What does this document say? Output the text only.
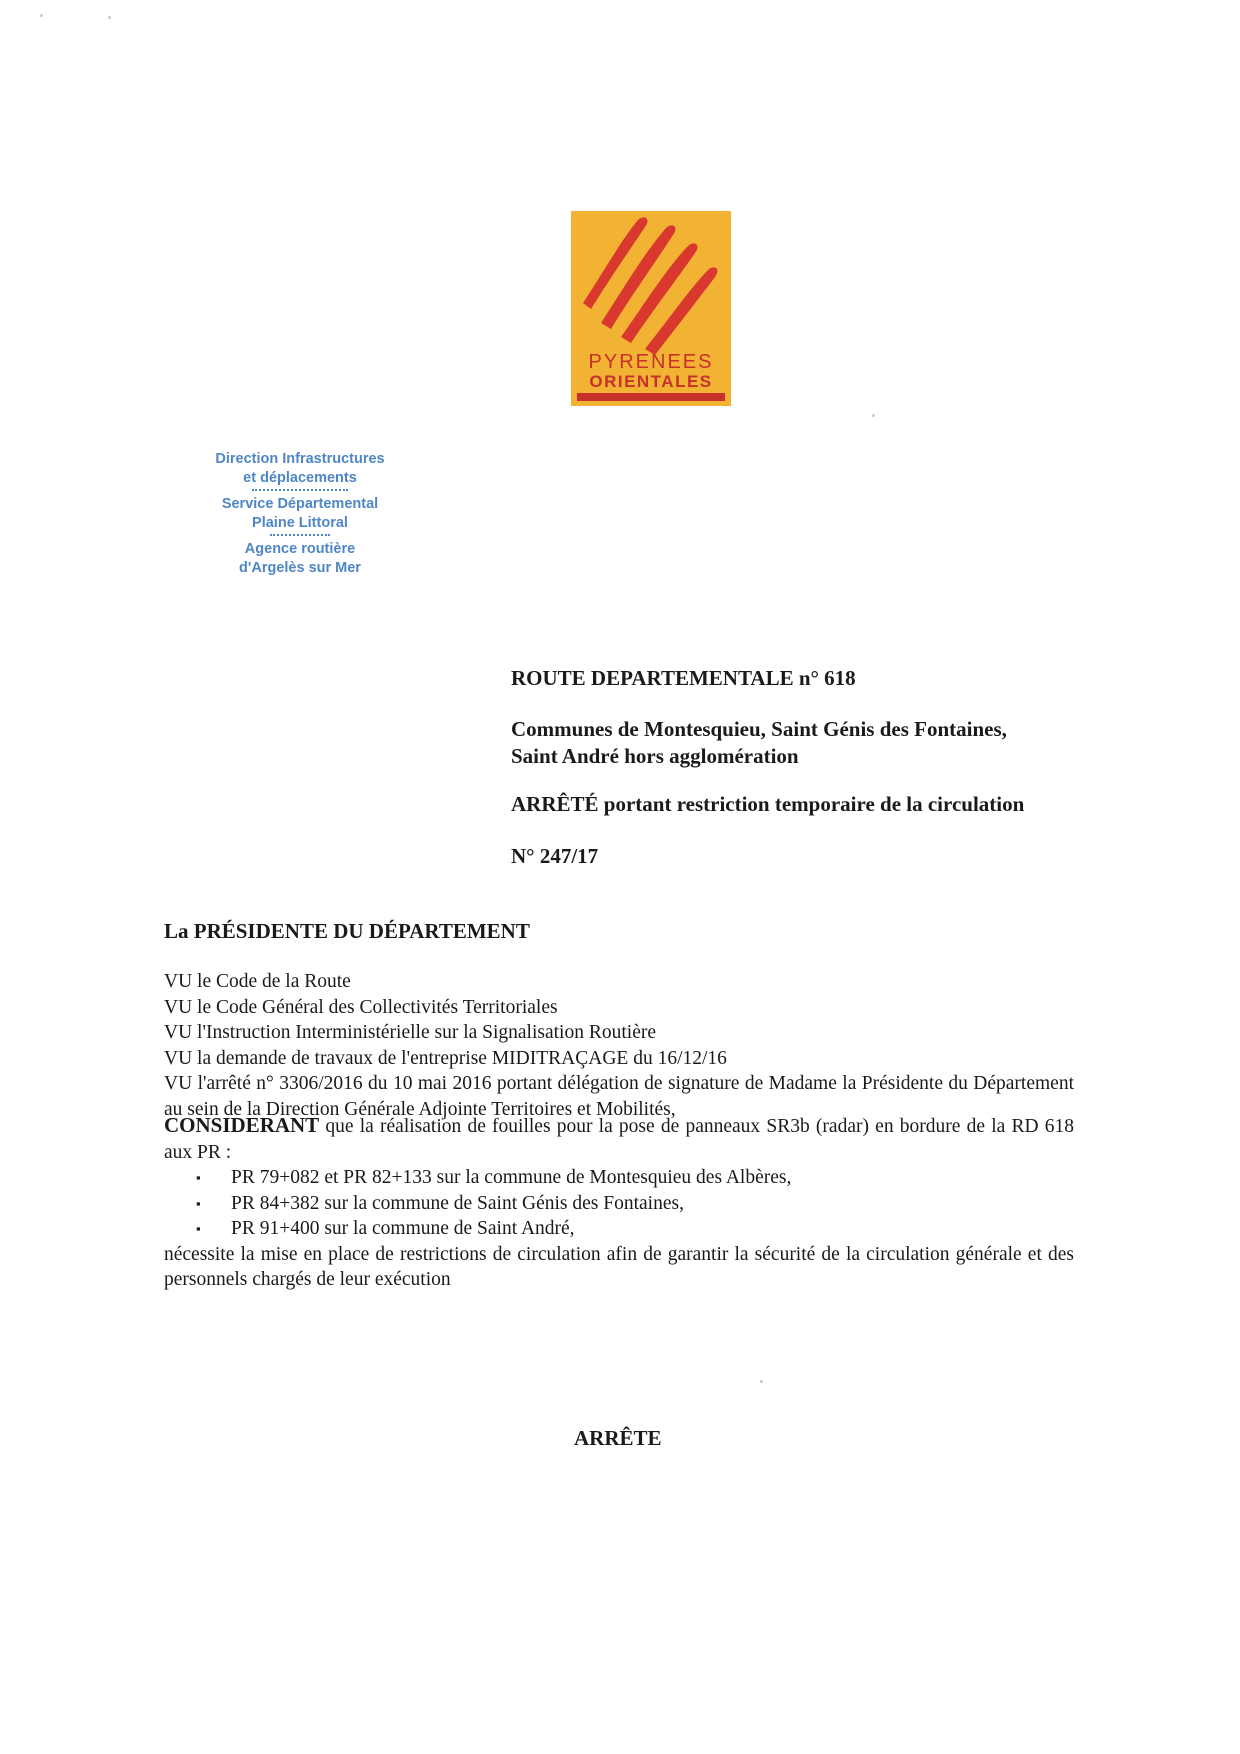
PYRENEES
ORIENTALES
Direction Infrastructures
et déplacements
Service Départemental
Plaine Littoral
Agence routière
d'Argelès sur Mer
ROUTE DEPARTEMENTALE n° 618
Communes de Montesquieu, Saint Génis des Fontaines,
Saint André hors agglomération
ARRÊTÉ portant restriction temporaire de la circulation
N° 247/17
La PRÉSIDENTE DU DÉPARTEMENT

VU le Code de la Route

VU le Code Général des Collectivités Territoriales

VU l'Instruction Interministérielle sur la Signalisation Routière

VU la demande de travaux de l'entreprise MIDITRAÇAGE du 16/12/16

VU l'arrêté n° 3306/2016 du 10 mai 2016 portant délégation de signature de Madame la Présidente du Département au sein de la Direction Générale Adjointe Territoires et Mobilités,

CONSIDERANT que la réalisation de fouilles pour la pose de panneaux SR3b (radar) en bordure de la RD 618 aux PR :

▪ PR 79+082 et PR 82+133 sur la commune de Montesquieu des Albères,
▪ PR 84+382 sur la commune de Saint Génis des Fontaines,
▪ PR 91+400 sur la commune de Saint André,

nécessite la mise en place de restrictions de circulation afin de garantir la sécurité de la circulation générale et des personnels chargés de leur exécution

ARRÊTE
